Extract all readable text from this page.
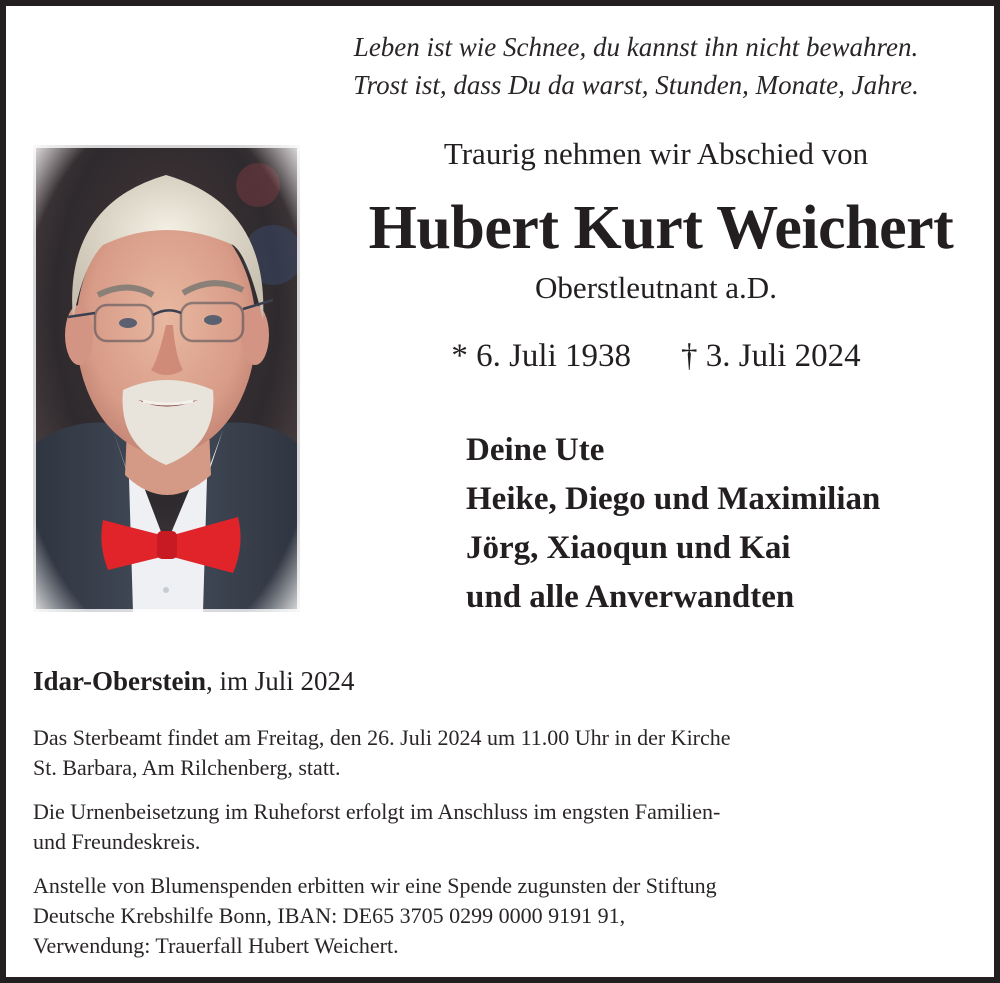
Leben ist wie Schnee, du kannst ihn nicht bewahren.
Trost ist, dass Du da warst, Stunden, Monate, Jahre.
Traurig nehmen wir Abschied von
Hubert Kurt Weichert
Oberstleutnant a.D.
* 6. Juli 1938 † 3. Juli 2024
Deine Ute
Heike, Diego und Maximilian
Jörg, Xiaoqun und Kai
und alle Anverwandten
Idar-Oberstein, im Juli 2024
Das Sterbeamt findet am Freitag, den 26. Juli 2024 um 11.00 Uhr in der Kirche
St. Barbara, Am Rilchenberg, statt.
Die Urnenbeisetzung im Ruheforst erfolgt im Anschluss im engsten Familien-
und Freundeskreis.
Anstelle von Blumenspenden erbitten wir eine Spende zugunsten der Stiftung
Deutsche Krebshilfe Bonn, IBAN: DE65 3705 0299 0000 9191 91,
Verwendung: Trauerfall Hubert Weichert.
